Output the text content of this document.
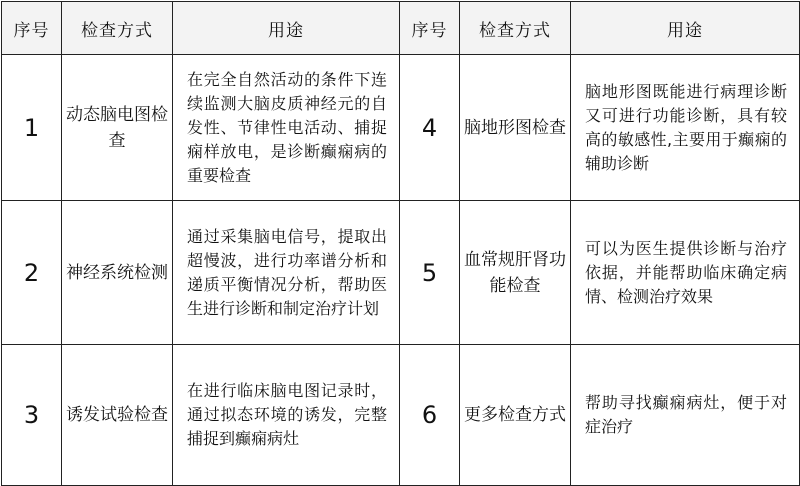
序号	检查方式	用途	序号	检查方式	用途
1	动态脑电图检查	在完全自然活动的条件下连续监测大脑皮质神经元的自发性、节律性电活动、捕捉痫样放电，是诊断癫痫病的重要检查	4	脑地形图检查	脑地形图既能进行病理诊断又可进行功能诊断，具有较高的敏感性,主要用于癫痫的辅助诊断

2	神经系统检测	通过采集脑电信号，提取出超慢波，进行功率谱分析和递质平衡情况分析，帮助医生进行诊断和制定治疗计划	5	血常规肝肾功能检查	可以为医生提供诊断与治疗依据，并能帮助临床确定病情、检测治疗效果

3	诱发试验检查	在进行临床脑电图记录时，通过拟态环境的诱发，完整捕捉到癫痫病灶	6	更多检查方式	帮助寻找癫痫病灶，便于对症治疗
